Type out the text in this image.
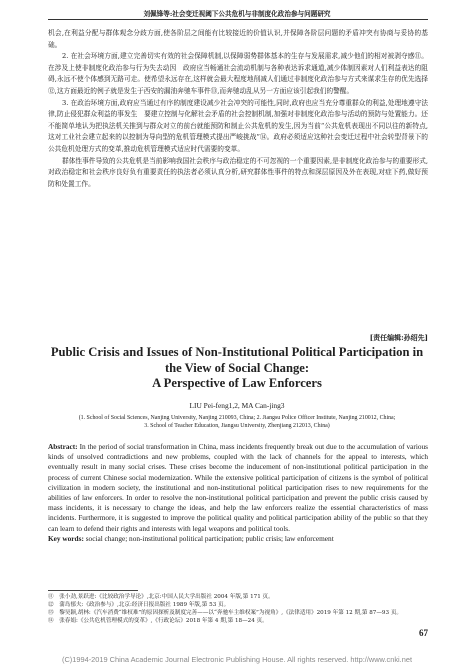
刘佩锋等:社会变迁视阈下公共危机与非制度化政治参与问题研究

机会,在利益分配与群体观念分歧方面,使各阶层之间能有比较接近的价值认识,并保障各阶层问题的矛盾冲突有协商与妥协的基础。

2. 在社会环境方面,建立完善切实有效的社会保障机制,以保障弱势群体基本的生存与发展需求,减少他们的相对被剥夺感⑪。在涉及上使非制度化政治参与行为失去动因　政府应当畅通社会流动机制与各种表达诉求通道,减少体制因素对人们利益表达的阻碍,永远不使个体感到无路可走。使希望永远存在,这样就会最大程度地削减人们通过非制度化政治参与方式来谋求生存的优先选择⑫,这方面最近的例子就是发生于西安的漏油奔驰车事件⑬,而奔驰动乱从另一方面应该引起我们的警醒。

3. 在政治环境方面,政府应当通过有序的制度建设减少社会冲突的可能性,同时,政府也应当充分尊重群众的利益,处理地遵守法律,防止侵犯群众利益的事发生　要建立控制与化解社会矛盾的社会控制机制,加强对非制度化政治参与活动的预防与处置能力。还不能简单地认为把执法机关推到与群众对立的前台就能预防和制止公共危机的发生,因为当前“公共危机表现出不同以往的新特点,这对工业社会建立起来的以控制为导向型的危机管理模式提出严峻挑战”⑭。政府必须适应这种社会变迁过程中社会转型背景下的公共危机处理方式的变革,推动危机管理模式适应时代需要的变革。

群体性事件导致的公共危机是当前影响我国社会秩序与政治稳定的不可忽视的一个重要因素,是非制度化政治参与的重要形式,对政治稳定和社会秩序良好负有重要责任的执法者必须认真分析,研究群体性事件的特点和深层原因及外在表现,对症下药,做好预防和处置工作。

[责任编辑:孙绍先]
Public Crisis and Issues of Non-Institutional Political Participation in
the View of Social Change:
A Perspective of Law Enforcers
LIU Pei-feng1,2, MA Can-jing3
(1. School of Social Sciences, Nanjing University, Nanjing 210093, China; 2. Jiangsu Police Officer Institute, Nanjing 210012, China;
3. School of Teacher Education, Jiangsu University, Zhenjiang 212013, China)
Abstract: In the period of social transformation in China, mass incidents frequently break out due to the accumulation of various kinds of unsolved contradictions and new problems, coupled with the lack of channels for the appeal to interests, which eventually result in many social crises. These crises become the inducement of non-institutional political participation in the process of current Chinese social modernization. While the extensive political participation of citizens is the symbol of political civilization in modern society, the institutional and non-institutional political participation rises to new requirements for the abilities of law enforcers. In order to resolve the non-institutional political participation and prevent the public crisis caused by mass incidents, it is necessary to change the ideas, and help the law enforcers realize the essential characteristics of mass incidents. Furthermore, it is suggested to improve the political quality and political participation ability of the public so that they can learn to defend their rights and interests with legal weapons and political tools.
Key words: social change; non-institutional political participation; public crisis; law enforcement
⑪　张小劲,景跃进:《比较政治学导论》,北京:中国人民大学出版社 2004 年版,第 171 页。
⑫　蒲岛郁夫:《政治参与》,北京:经济日报出版社 1989 年版,第 53 页。
⑬　黎昊颖,胡林:《汽车消费“维权难”的原因探析及制度完善——以“奔驰车主维权案”为视角》,《法律适用》2019 年第 12 期,第 87—93 页。
⑭　张春娟:《公共危机管理模式的变革》,《行政论坛》2018 年第 4 期,第 18—24 页。
67
(C)1994-2019 China Academic Journal Electronic Publishing House. All rights reserved. http://www.cnki.net
